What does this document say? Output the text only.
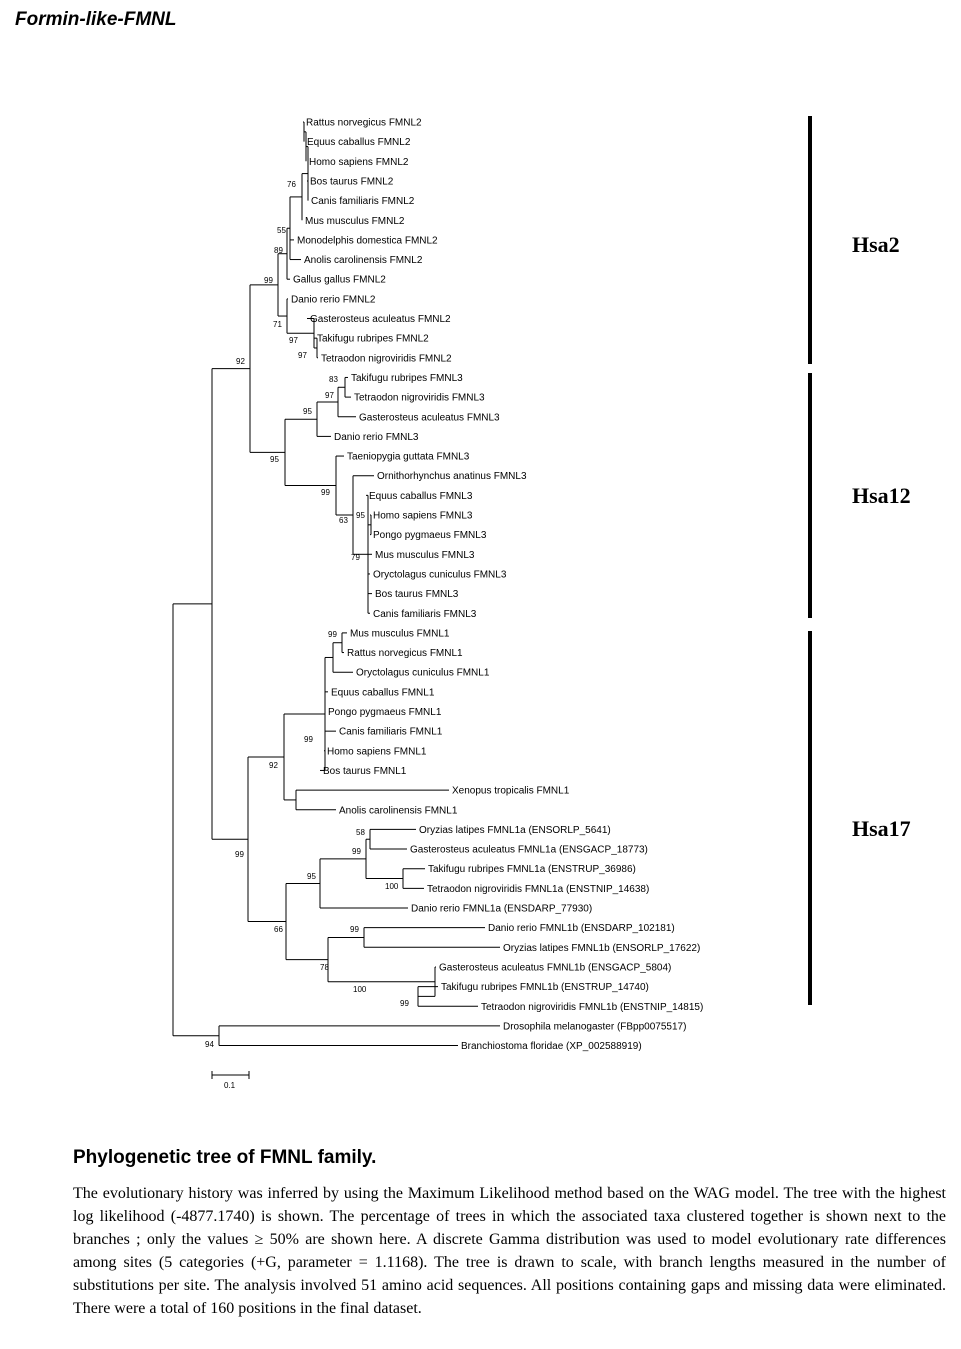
Formin-like-FMNL
Rattus norvegicus FMNL2
Equus caballus FMNL2
Homo sapiens FMNL2
Bos taurus FMNL2
Canis familiaris FMNL2
Mus musculus FMNL2
Monodelphis domestica FMNL2
Anolis carolinensis FMNL2
Gallus gallus FMNL2
Danio rerio FMNL2
Gasterosteus aculeatus FMNL2
Takifugu rubripes FMNL2
Tetraodon nigroviridis FMNL2
Takifugu rubripes FMNL3
Tetraodon nigroviridis FMNL3
Gasterosteus aculeatus FMNL3
Danio rerio FMNL3
Taeniopygia guttata FMNL3
Ornithorhynchus anatinus FMNL3
Equus caballus FMNL3
Homo sapiens FMNL3
Pongo pygmaeus FMNL3
Mus musculus FMNL3
Oryctolagus cuniculus FMNL3
Bos taurus FMNL3
Canis familiaris FMNL3
Mus musculus FMNL1
Rattus norvegicus FMNL1
Oryctolagus cuniculus FMNL1
Equus caballus FMNL1
Pongo pygmaeus FMNL1
Canis familiaris FMNL1
Homo sapiens FMNL1
Bos taurus FMNL1
Xenopus tropicalis FMNL1
Anolis carolinensis FMNL1
Oryzias latipes FMNL1a (ENSORLP_5641)
Gasterosteus aculeatus FMNL1a (ENSGACP_18773)
Takifugu rubripes FMNL1a (ENSTRUP_36986)
Tetraodon nigroviridis FMNL1a (ENSTNIP_14638)
Danio rerio FMNL1a (ENSDARP_77930)
Danio rerio FMNL1b (ENSDARP_102181)
Oryzias latipes FMNL1b (ENSORLP_17622)
Gasterosteus aculeatus FMNL1b (ENSGACP_5804)
Takifugu rubripes FMNL1b (ENSTRUP_14740)
Tetraodon nigroviridis FMNL1b (ENSTNIP_14815)
Drosophila melanogaster (FBpp0075517)
Branchiostoma floridae (XP_002588919)
76
55
89
99
71
97
97
92
83
97
95
95
99
63
95
79
99
99
92
58
99
95
100
99
66	99
78
100
99
94
Hsa2
Hsa12
Hsa17
0.1
Phylogenetic tree of FMNL family.

The evolutionary history was inferred by using the Maximum Likelihood method based on the WAG model. The tree with the highest log likelihood (-4877.1740) is shown. The percentage of trees in which the associated taxa clustered together is shown next to the branches ; only the values ≥ 50% are shown here. A discrete Gamma distribution was used to model evolutionary rate differences among sites (5 categories (+G, parameter = 1.1168). The tree is drawn to scale, with branch lengths measured in the number of substitutions per site. The analysis involved 51 amino acid sequences. All positions containing gaps and missing data were eliminated. There were a total of 160 positions in the final dataset.
